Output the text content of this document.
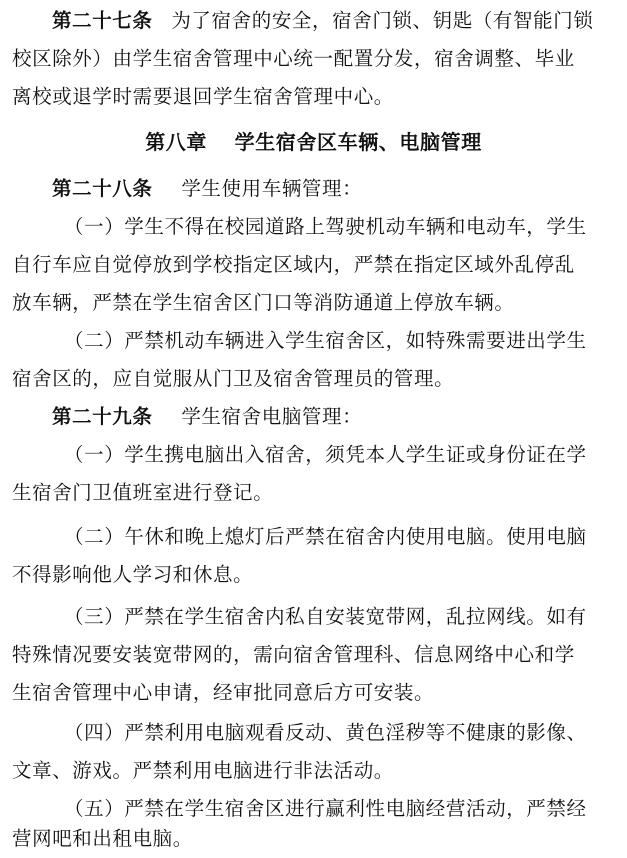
第二十七条 为了宿舍的安全，宿舍门锁、钥匙（有智能门锁
校区除外）由学生宿舍管理中心统一配置分发，宿舍调整、毕业
离校或退学时需要退回学生宿舍管理中心。
第八章 学生宿舍区车辆、电脑管理
第二十八条 学生使用车辆管理：
（一）学生不得在校园道路上驾驶机动车辆和电动车，学生
自行车应自觉停放到学校指定区域内，严禁在指定区域外乱停乱
放车辆，严禁在学生宿舍区门口等消防通道上停放车辆。
（二）严禁机动车辆进入学生宿舍区，如特殊需要进出学生
宿舍区的，应自觉服从门卫及宿舍管理员的管理。
第二十九条 学生宿舍电脑管理：
（一）学生携电脑出入宿舍，须凭本人学生证或身份证在学
生宿舍门卫值班室进行登记。
（二）午休和晚上熄灯后严禁在宿舍内使用电脑。使用电脑
不得影响他人学习和休息。
（三）严禁在学生宿舍内私自安装宽带网，乱拉网线。如有
特殊情况要安装宽带网的，需向宿舍管理科、信息网络中心和学
生宿舍管理中心申请，经审批同意后方可安装。
（四）严禁利用电脑观看反动、黄色淫秽等不健康的影像、
文章、游戏。严禁利用电脑进行非法活动。
（五）严禁在学生宿舍区进行赢利性电脑经营活动，严禁经
营网吧和出租电脑。
